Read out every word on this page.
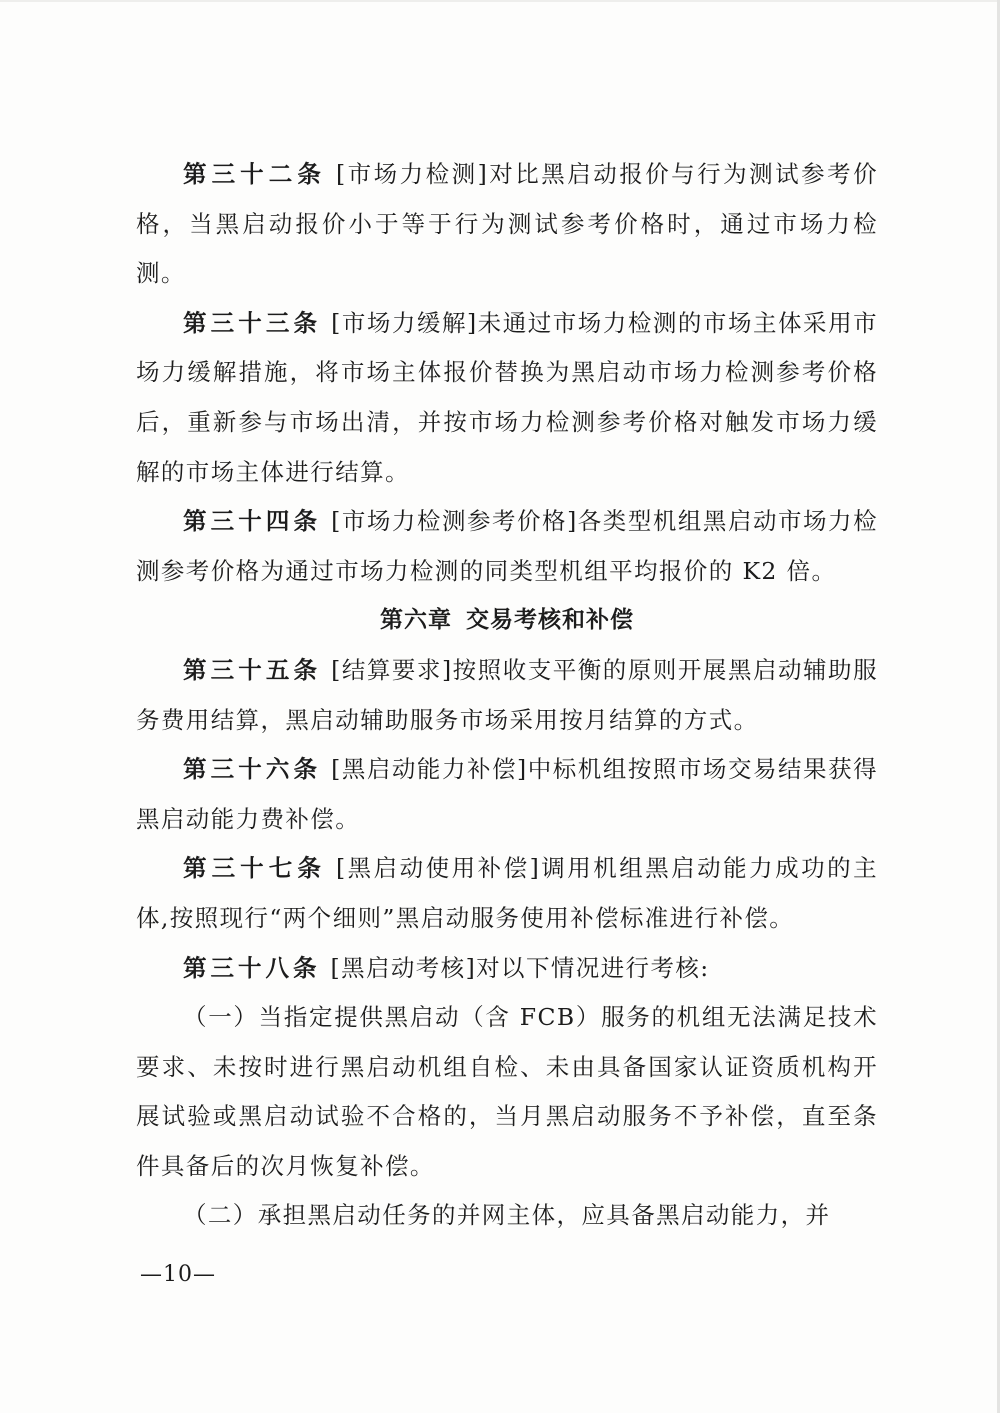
第三十二条 [市场力检测]对比黑启动报价与行为测试参考价格，当黑启动报价小于等于行为测试参考价格时，通过市场力检测。

第三十三条 [市场力缓解]未通过市场力检测的市场主体采用市场力缓解措施，将市场主体报价替换为黑启动市场力检测参考价格后，重新参与市场出清，并按市场力检测参考价格对触发市场力缓解的市场主体进行结算。

第三十四条 [市场力检测参考价格]各类型机组黑启动市场力检测参考价格为通过市场力检测的同类型机组平均报价的 K2 倍。

第六章 交易考核和补偿

第三十五条 [结算要求]按照收支平衡的原则开展黑启动辅助服务费用结算，黑启动辅助服务市场采用按月结算的方式。

第三十六条 [黑启动能力补偿]中标机组按照市场交易结果获得黑启动能力费补偿。

第三十七条 [黑启动使用补偿]调用机组黑启动能力成功的主体,按照现行“两个细则”黑启动服务使用补偿标准进行补偿。

第三十八条 [黑启动考核]对以下情况进行考核:

（一）当指定提供黑启动（含 FCB）服务的机组无法满足技术要求、未按时进行黑启动机组自检、未由具备国家认证资质机构开展试验或黑启动试验不合格的，当月黑启动服务不予补偿，直至条件具备后的次月恢复补偿。

（二）承担黑启动任务的并网主体，应具备黑启动能力，并

—10—
